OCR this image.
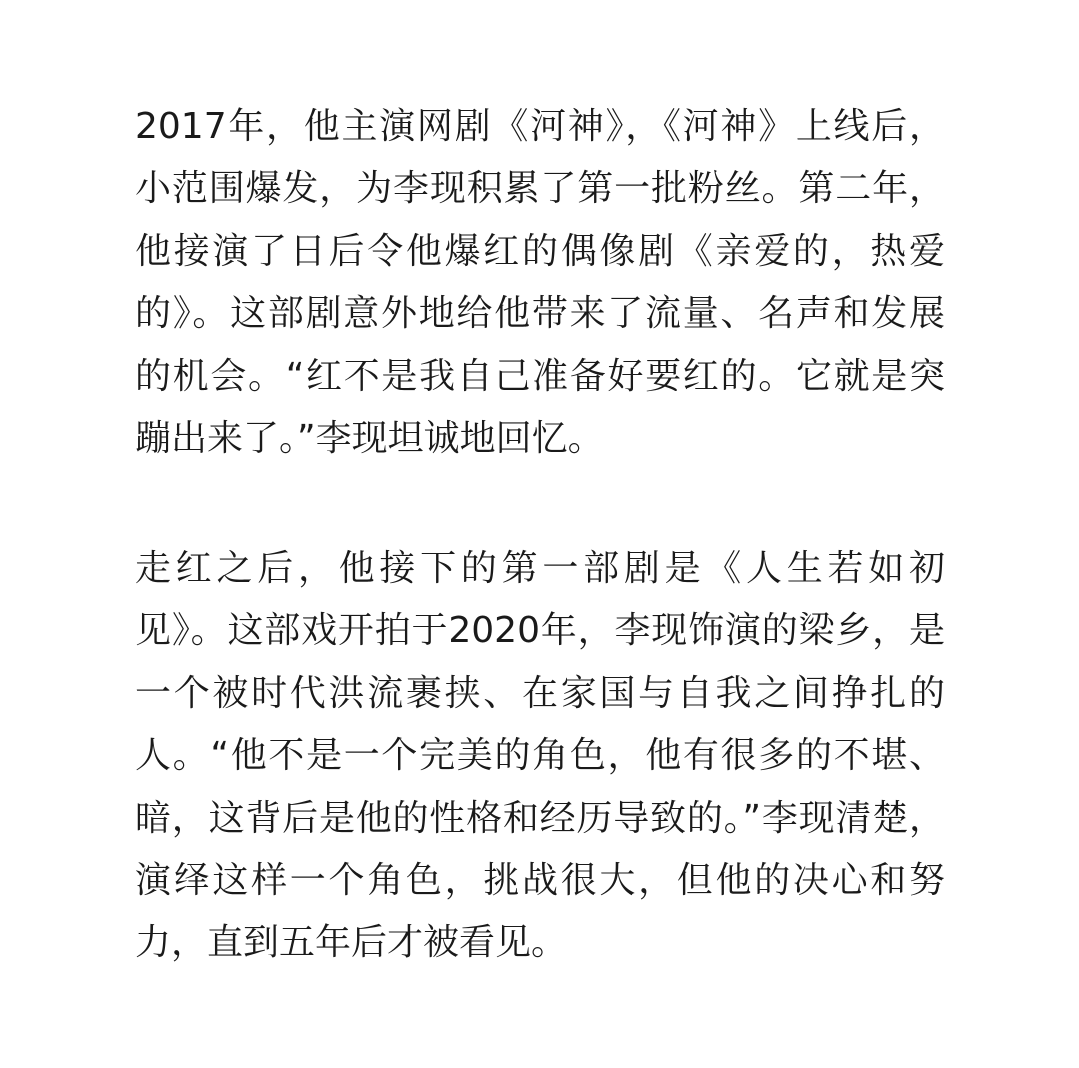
2017年，他主演网剧《河神》，《河神》上线后，
小范围爆发，为李现积累了第一批粉丝。第二年，
他接演了日后令他爆红的偶像剧《亲爱的，热爱
的》。这部剧意外地给他带来了流量、名声和发展
的机会。“红不是我自己准备好要红的。它就是突
蹦出来了。”李现坦诚地回忆。

走红之后，他接下的第一部剧是《人生若如初
见》。这部戏开拍于2020年，李现饰演的梁乡，是
一个被时代洪流裹挟、在家国与自我之间挣扎的
人。“他不是一个完美的角色，他有很多的不堪、
暗，这背后是他的性格和经历导致的。”李现清楚，
演绎这样一个角色，挑战很大，但他的决心和努
力，直到五年后才被看见。
